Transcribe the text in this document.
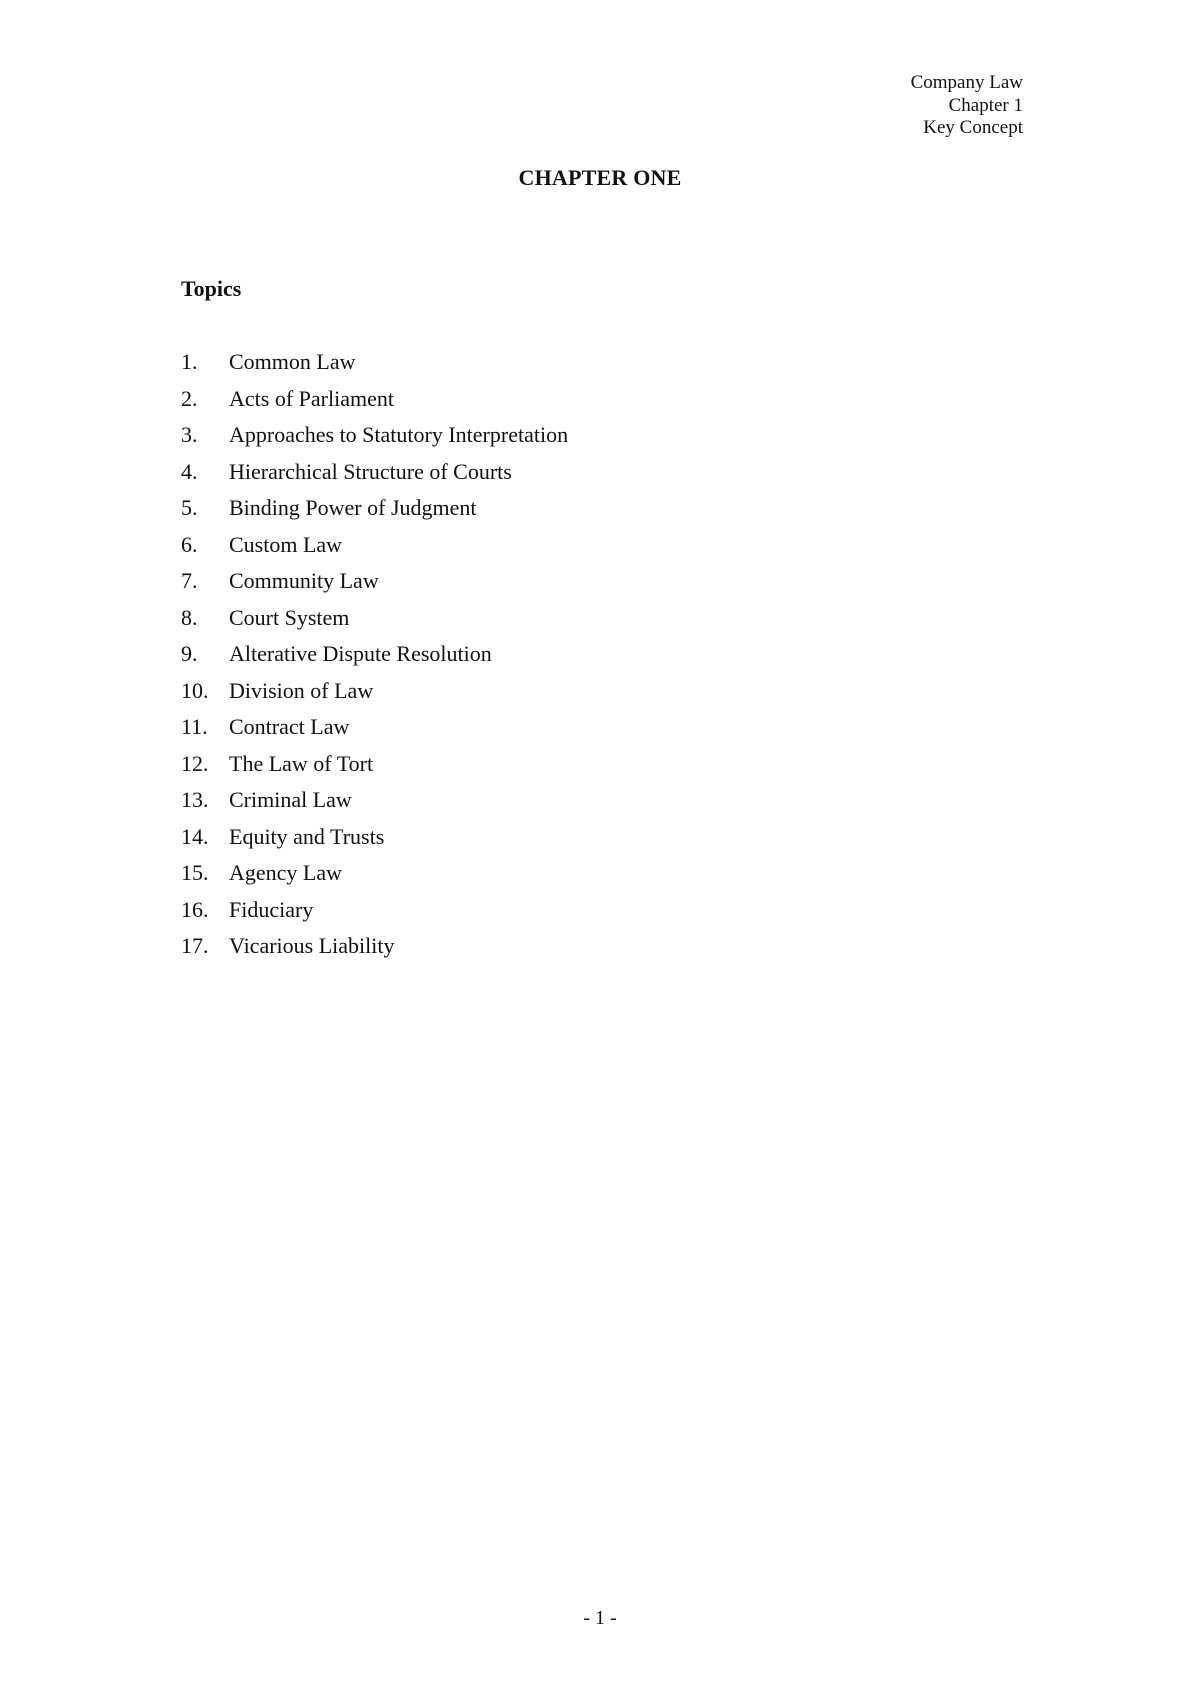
Company Law
Chapter 1
Key Concept
CHAPTER ONE
Topics
1.	Common Law
2.	Acts of Parliament
3.	Approaches to Statutory Interpretation
4.	Hierarchical Structure of Courts
5.	Binding Power of Judgment
6.	Custom Law
7.	Community Law
8.	Court System
9.	Alterative Dispute Resolution
10. Division of Law
11. Contract Law
12. The Law of Tort
13. Criminal Law
14. Equity and Trusts
15. Agency Law
16. Fiduciary
17. Vicarious Liability
- 1 -
